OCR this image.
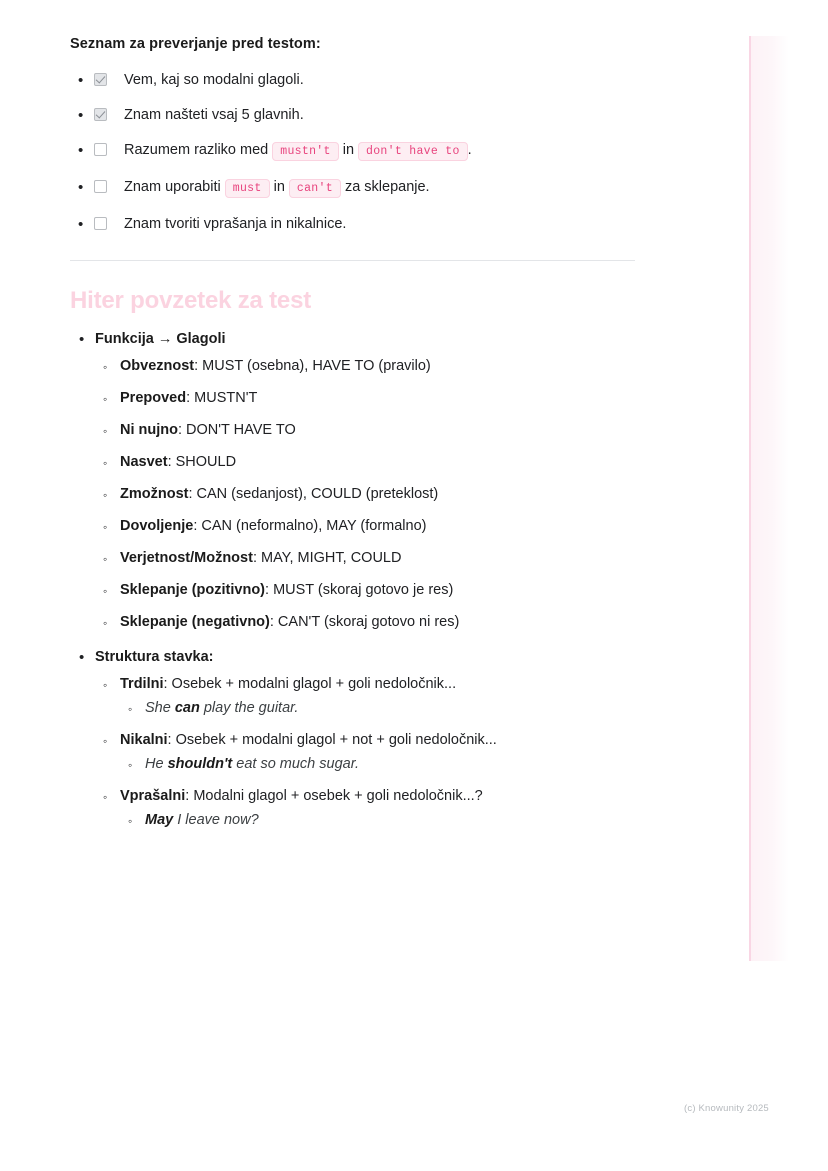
Seznam za preverjanje pred testom:
•	Vem, kaj so modalni glagoli.
•	Znam našteti vsaj 5 glavnih.
•	Razumem razliko med mustn't in don't have to .
•	Znam uporabiti must in can't za sklepanje.
•	Znam tvoriti vprašanja in nikalnice.
Hiter povzetek za test
• Funkcija → Glagoli
◦ Obveznost: MUST (osebna), HAVE TO (pravilo)
◦ Prepoved: MUSTN'T
◦ Ni nujno: DON'T HAVE TO
◦ Nasvet: SHOULD
◦ Zmožnost: CAN (sedanjost), COULD (preteklost)
◦ Dovoljenje: CAN (neformalno), MAY (formalno)
◦ Verjetnost/Možnost: MAY, MIGHT, COULD
◦ Sklepanje (pozitivno): MUST (skoraj gotovo je res)
◦ Sklepanje (negativno): CAN'T (skoraj gotovo ni res)
• Struktura stavka:
◦ Trdilni: Osebek + modalni glagol + goli nedoločnik...
◦ She can play the guitar.
◦ Nikalni: Osebek + modalni glagol + not + goli nedoločnik...
◦ He shouldn't eat so much sugar.
◦ Vprašalni: Modalni glagol + osebek + goli nedoločnik...?
◦ May I leave now?
(c) Knowunity 2025
